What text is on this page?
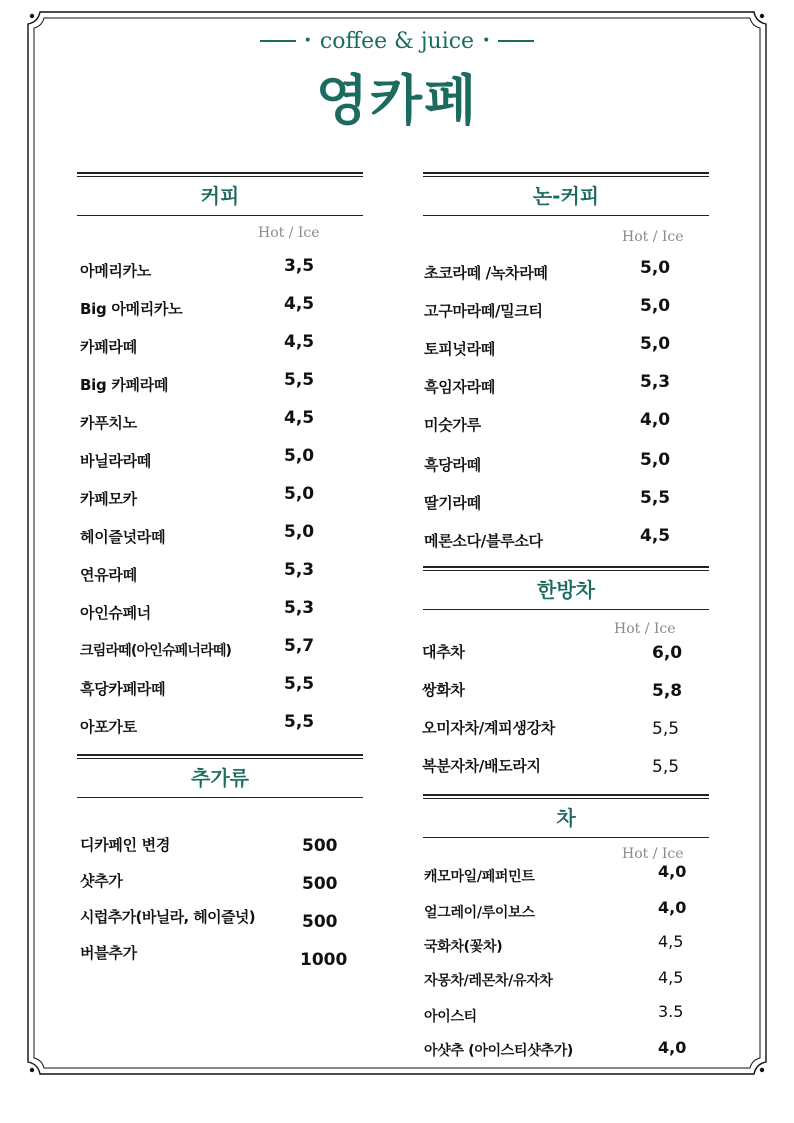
• coffee & juice •
영카페
커피
Hot / Ice
아메리카노	3,5
Big 아메리카노	4,5
카페라떼	4,5
Big 카페라떼	5,5
카푸치노	4,5
바닐라라떼	5,0
카페모카	5,0
헤이즐넛라떼	5,0
연유라떼	5,3
아인슈페너	5,3
크림라떼(아인슈페너라떼)	5,7
흑당카페라떼	5,5
아포가토	5,5
추가류
디카페인 변경	500
샷추가	500
시럽추가(바닐라, 헤이즐넛)	500
버블추가	1000
논-커피
Hot / Ice
초코라떼 /녹차라떼	5,0
고구마라떼/밀크티	5,0
토피넛라떼	5,0
흑임자라떼	5,3
미숫가루	4,0
흑당라떼	5,0
딸기라떼	5,5
메론소다/블루소다	4,5
한방차
Hot / Ice
대추차	6,0
쌍화차	5,8
오미자차/계피생강차	5,5
복분자차/배도라지	5,5
차
Hot / Ice
캐모마일/페퍼민트	4,0
얼그레이/루이보스	4,0
국화차(꽃차)	4,5
자몽차/레몬차/유자차	4,5
아이스티	3.5
아샷추 (아이스티샷추가)	4,0
